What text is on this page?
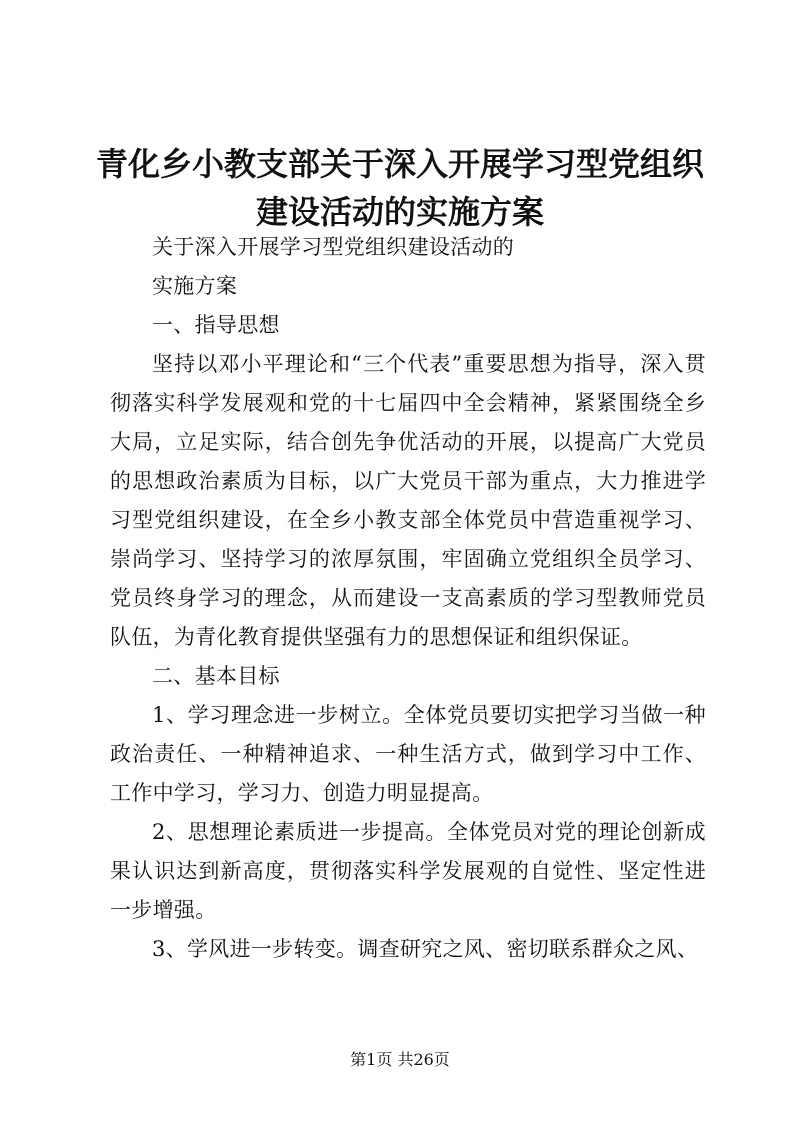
青化乡小教支部关于深入开展学习型党组织建设活动的实施方案

关于深入开展学习型党组织建设活动的

实施方案

一、指导思想

坚持以邓小平理论和“三个代表”重要思想为指导，深入贯彻落实科学发展观和党的十七届四中全会精神，紧紧围绕全乡大局，立足实际，结合创先争优活动的开展，以提高广大党员的思想政治素质为目标，以广大党员干部为重点，大力推进学习型党组织建设，在全乡小教支部全体党员中营造重视学习、崇尚学习、坚持学习的浓厚氛围，牢固确立党组织全员学习、党员终身学习的理念，从而建设一支高素质的学习型教师党员队伍，为青化教育提供坚强有力的思想保证和组织保证。

二、基本目标

1、学习理念进一步树立。全体党员要切实把学习当做一种政治责任、一种精神追求、一种生活方式，做到学习中工作、工作中学习，学习力、创造力明显提高。

2、思想理论素质进一步提高。全体党员对党的理论创新成果认识达到新高度，贯彻落实科学发展观的自觉性、坚定性进一步增强。

3、学风进一步转变。调查研究之风、密切联系群众之风、

第1页 共26页
